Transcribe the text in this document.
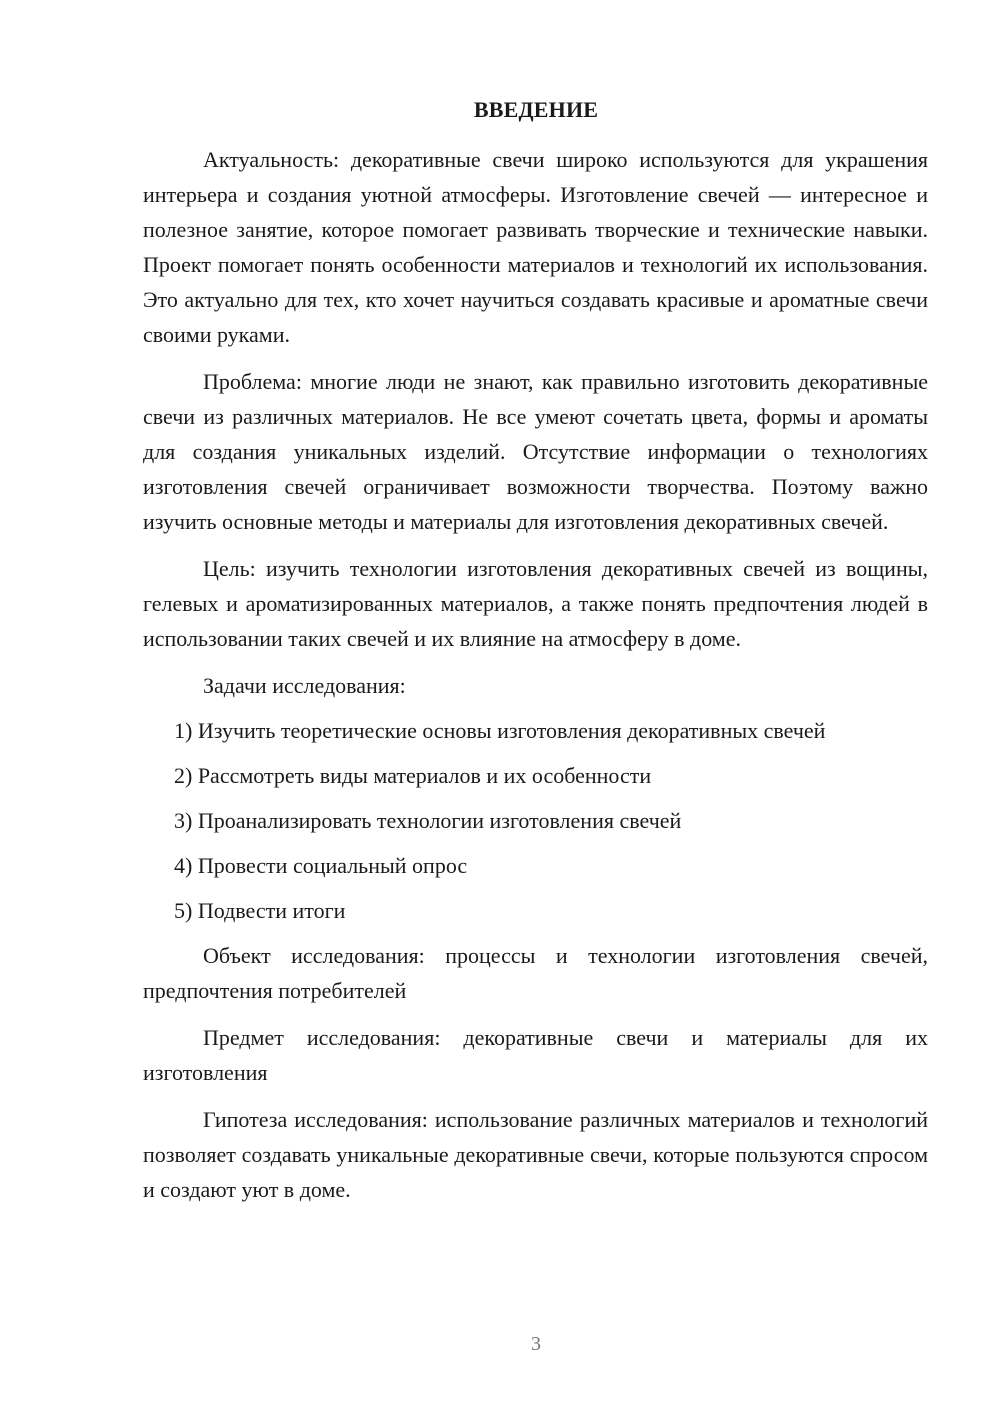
ВВЕДЕНИЕ

Актуальность: декоративные свечи широко используются для украшения интерьера и создания уютной атмосферы. Изготовление свечей — интересное и полезное занятие, которое помогает развивать творческие и технические навыки. Проект помогает понять особенности материалов и технологий их использования. Это актуально для тех, кто хочет научиться создавать красивые и ароматные свечи своими руками.

Проблема: многие люди не знают, как правильно изготовить декоративные свечи из различных материалов. Не все умеют сочетать цвета, формы и ароматы для создания уникальных изделий. Отсутствие информации о технологиях изготовления свечей ограничивает возможности творчества. Поэтому важно изучить основные методы и материалы для изготовления декоративных свечей.

Цель: изучить технологии изготовления декоративных свечей из вощины, гелевых и ароматизированных материалов, а также понять предпочтения людей в использовании таких свечей и их влияние на атмосферу в доме.

Задачи исследования:

1) Изучить теоретические основы изготовления декоративных свечей
2) Рассмотреть виды материалов и их особенности
3) Проанализировать технологии изготовления свечей
4) Провести социальный опрос
5) Подвести итоги

Объект исследования: процессы и технологии изготовления свечей, предпочтения потребителей

Предмет исследования: декоративные свечи и материалы для их изготовления

Гипотеза исследования: использование различных материалов и технологий позволяет создавать уникальные декоративные свечи, которые пользуются спросом и создают уют в доме.

3
